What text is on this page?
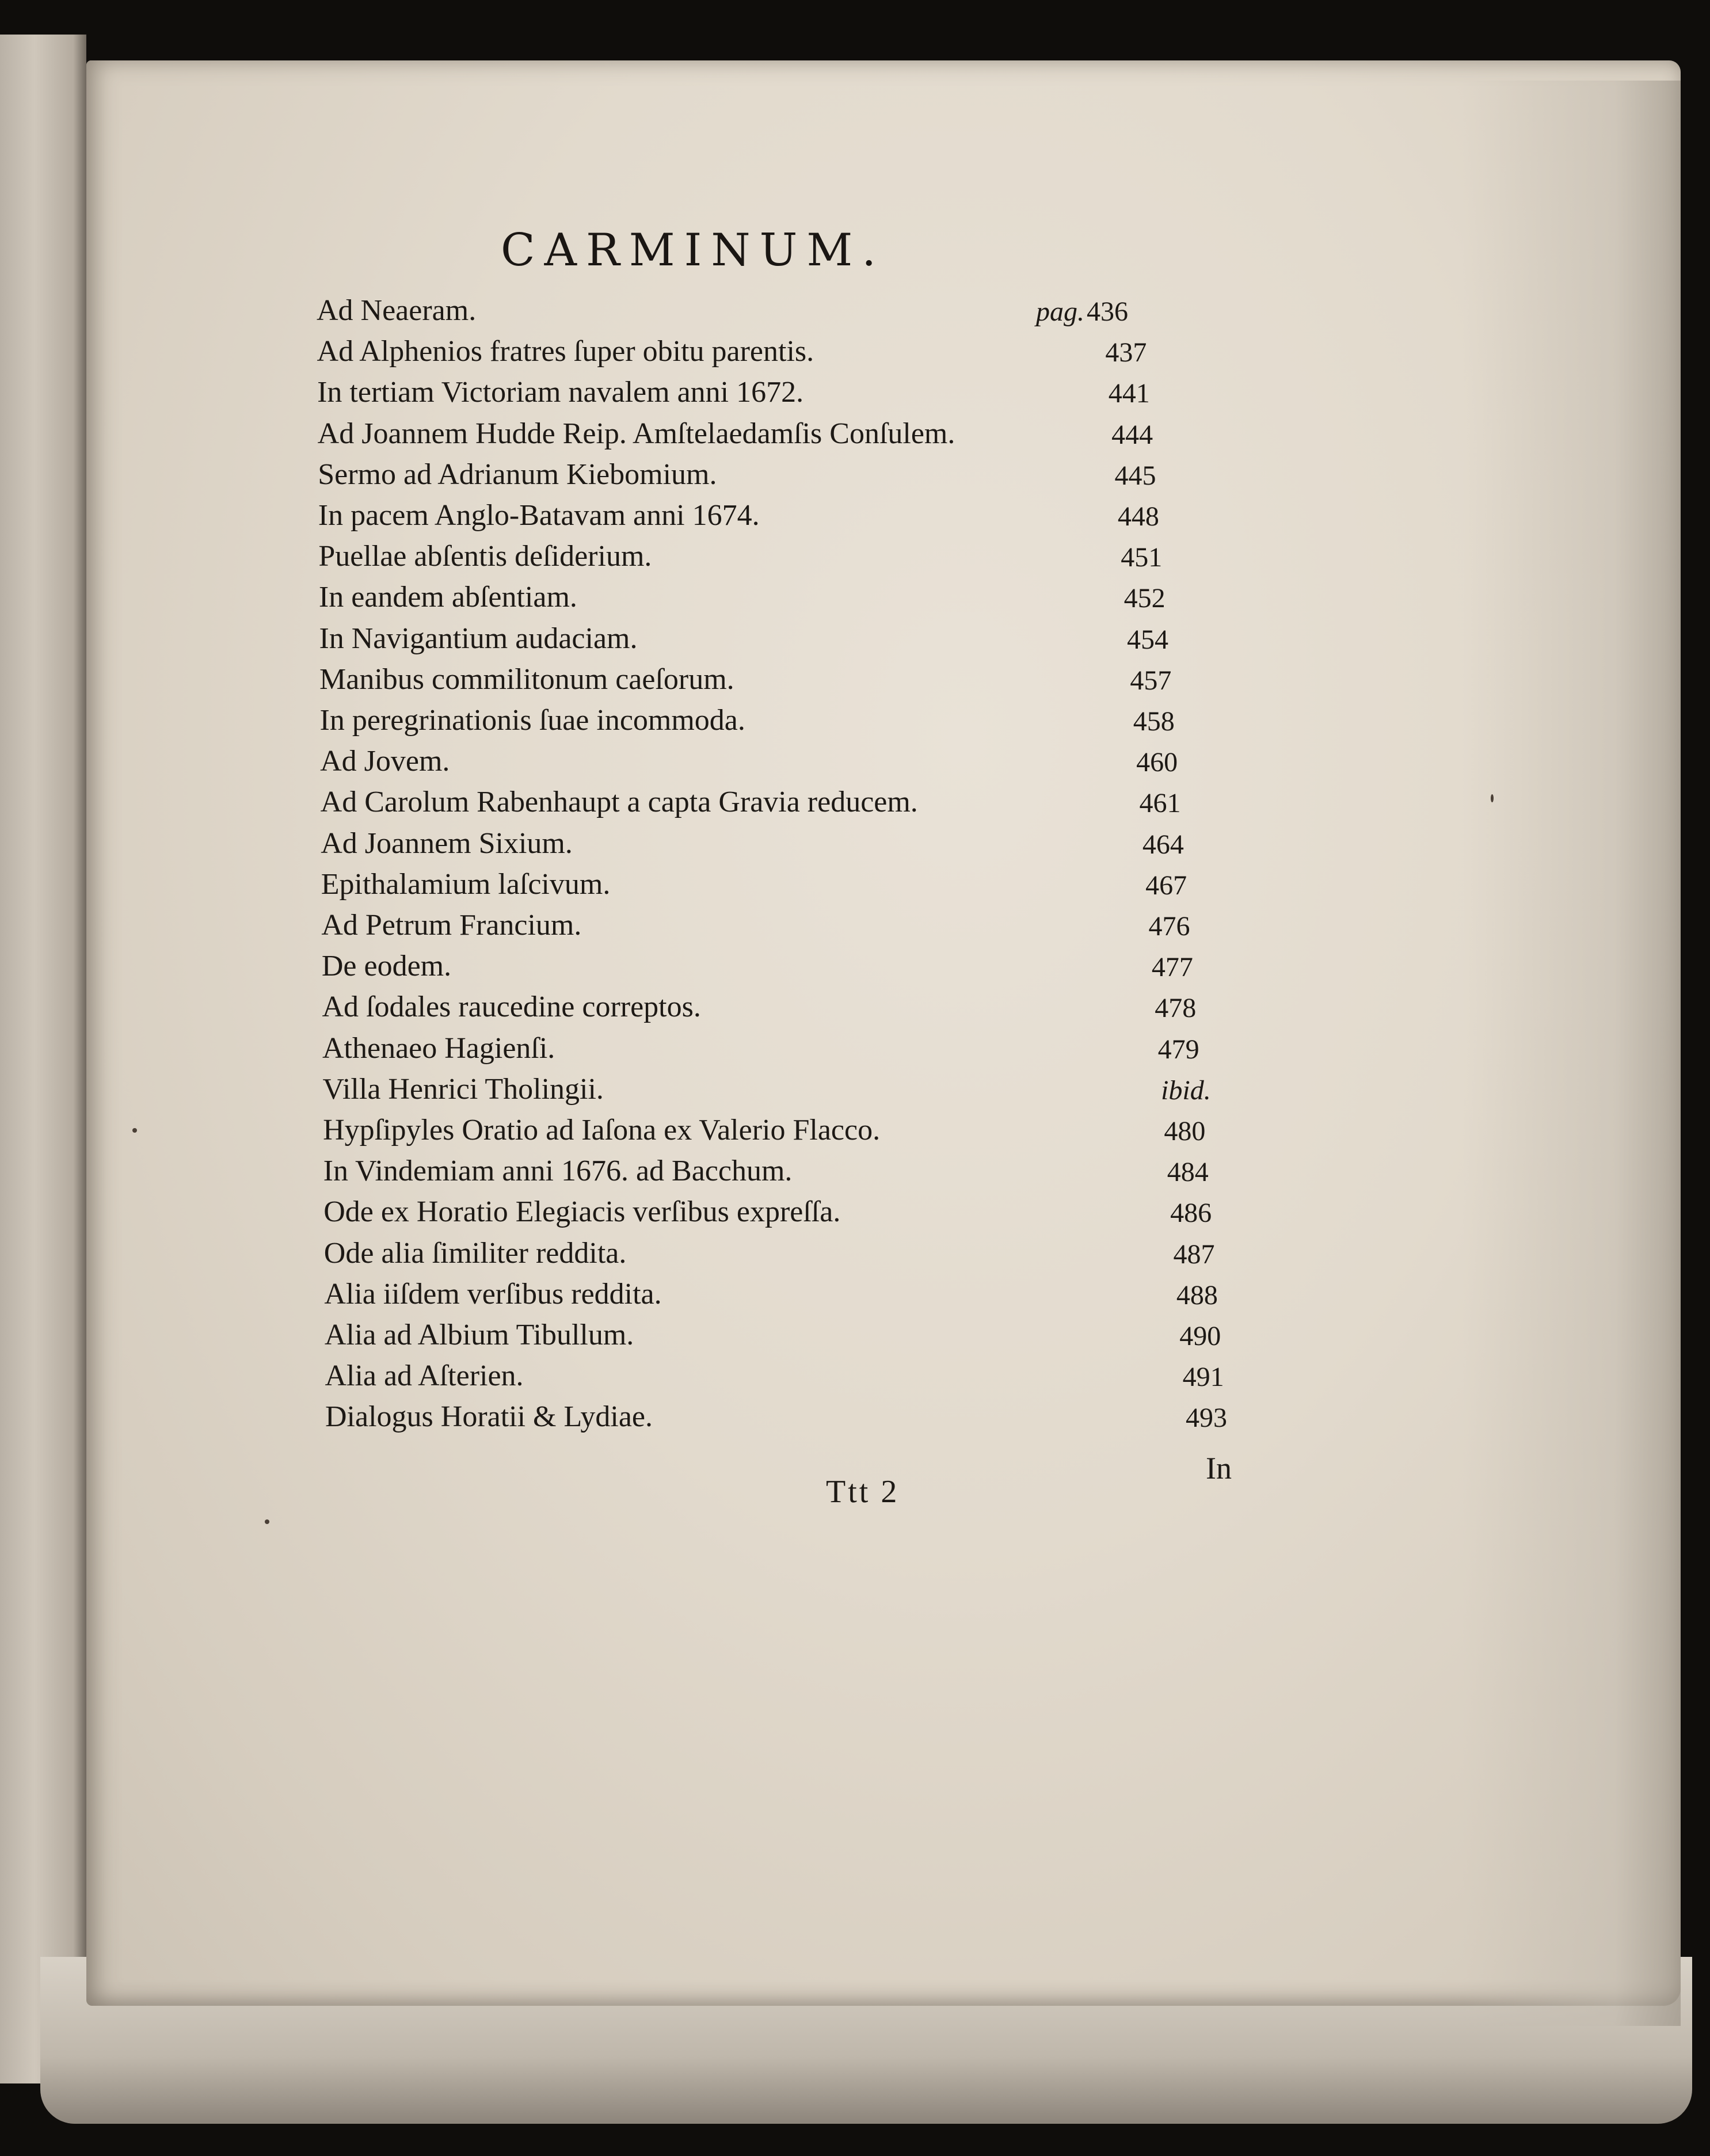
CARMINUM.
Ad Neaeram.	pag.436
Ad Alphenios fratres ſuper obitu parentis.	437
In tertiam Victoriam navalem anni 1672.	441
Ad Joannem Hudde Reip. Amſtelaedamſis Conſulem.	444
Sermo ad Adrianum Kiebomium.	445
In pacem Anglo-Batavam anni 1674.	448
Puellae abſentis deſiderium.	451
In eandem abſentiam.	452
In Navigantium audaciam.	454
Manibus commilitonum caeſorum.	457
In peregrinationis ſuae incommoda.	458
Ad Jovem.	460
Ad Carolum Rabenhaupt a capta Gravia reducem.	461
Ad Joannem Sixium.	464
Epithalamium laſcivum.	467
Ad Petrum Francium.	476
De eodem.	477
Ad ſodales raucedine correptos.	478
Athenaeo Hagienſi.	479
Villa Henrici Tholingii.	ibid.
Hypſipyles Oratio ad Iaſona ex Valerio Flacco.	480
In Vindemiam anni 1676. ad Bacchum.	484
Ode ex Horatio Elegiacis verſibus expreſſa.	486
Ode alia ſimiliter reddita.	487
Alia iiſdem verſibus reddita.	488
Alia ad Albium Tibullum.	490
Alia ad Aſterien.	491
Dialogus Horatii & Lydiae.	493
Ttt 2
In
